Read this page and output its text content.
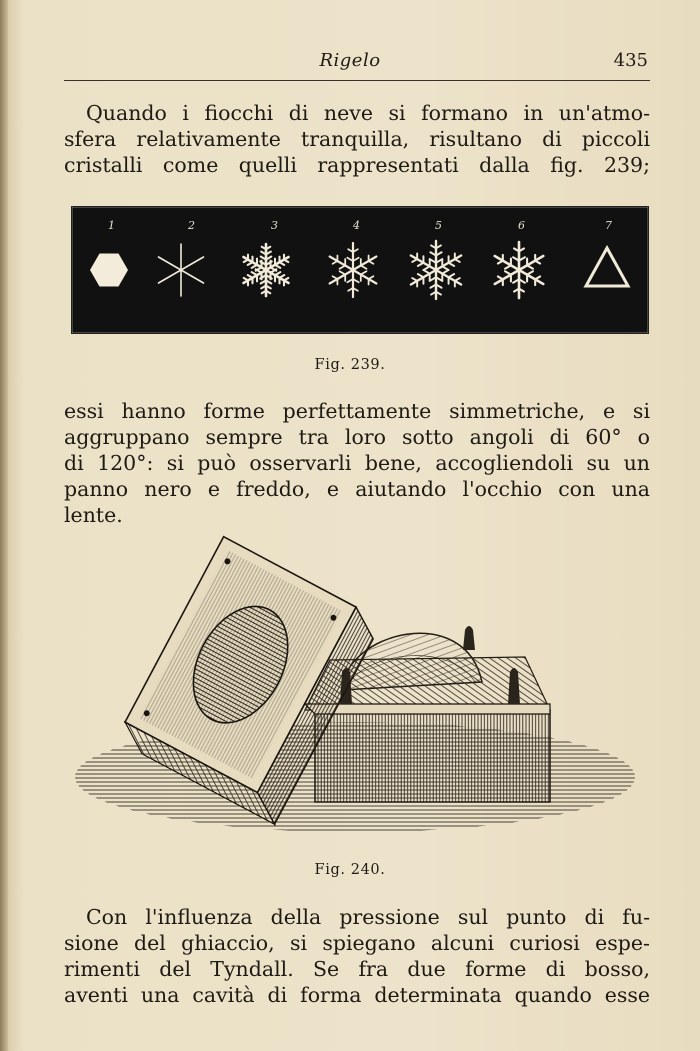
Rigelo	435
Quando i fiocchi di neve si formano in un'atmo-
sfera relativamente tranquilla, risultano di piccoli
cristalli come quelli rappresentati dalla fig. 239;
1	2	3	4	5	6	7
Fig. 239.
essi hanno forme perfettamente simmetriche, e si
aggruppano sempre tra loro sotto angoli di 60° o
di 120°: si può osservarli bene, accogliendoli su un
panno nero e freddo, e aiutando l'occhio con una
lente.
Fig. 240.
Con l'influenza della pressione sul punto di fu-
sione del ghiaccio, si spiegano alcuni curiosi espe-
rimenti del Tyndall. Se fra due forme di bosso,
aventi una cavità di forma determinata quando esse
